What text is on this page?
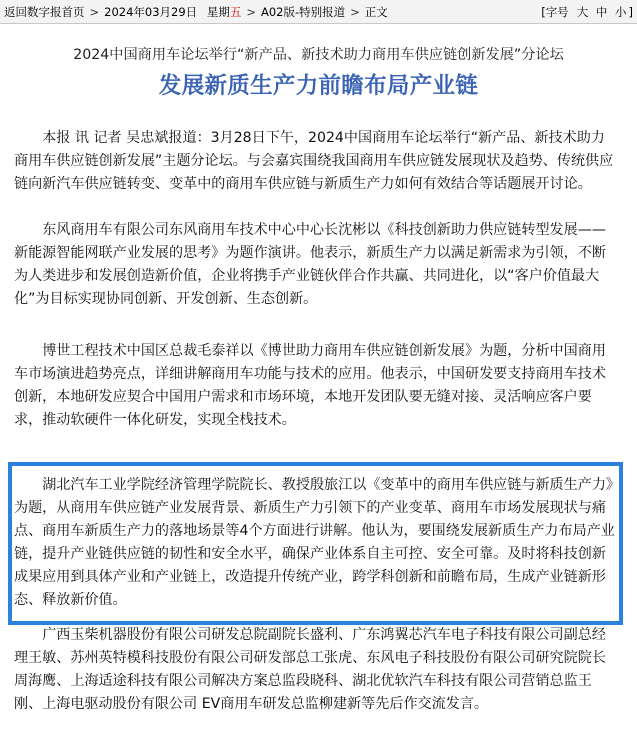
返回数字报首页 > 2024年03月29日 星期五 > A02版-特别报道 > 正文	[字号 大 中 小 ]
2024中国商用车论坛举行“新产品、新技术助力商用车供应链创新发展”分论坛
发展新质生产力前瞻布局产业链

本报 讯 记者 吴忠斌报道：3月28日下午，2024中国商用车论坛举行“新产品、新技术助力商用车供应链创新发展”主题分论坛。与会嘉宾围绕我国商用车供应链发展现状及趋势、传统供应链向新汽车供应链转变、变革中的商用车供应链与新质生产力如何有效结合等话题展开讨论。

东风商用车有限公司东风商用车技术中心中心长沈彬以《科技创新助力供应链转型发展——新能源智能网联产业发展的思考》为题作演讲。他表示，新质生产力以满足新需求为引领，不断为人类进步和发展创造新价值，企业将携手产业链伙伴合作共赢、共同进化，以“客户价值最大化”为目标实现协同创新、开发创新、生态创新。

博世工程技术中国区总裁毛泰祥以《博世助力商用车供应链创新发展》为题，分析中国商用车市场演进趋势亮点，详细讲解商用车功能与技术的应用。他表示，中国研发要支持商用车技术创新，本地研发应契合中国用户需求和市场环境，本地开发团队要无缝对接、灵活响应客户要求，推动软硬件一体化研发，实现全栈技术。

湖北汽车工业学院经济管理学院院长、教授殷旅江以《变革中的商用车供应链与新质生产力》为题，从商用车供应链产业发展背景、新质生产力引领下的产业变革、商用车市场发展现状与痛点、商用车新质生产力的落地场景等4个方面进行讲解。他认为，要围绕发展新质生产力布局产业链，提升产业链供应链的韧性和安全水平，确保产业体系自主可控、安全可靠。及时将科技创新成果应用到具体产业和产业链上，改造提升传统产业，跨学科创新和前瞻布局，生成产业链新形态、释放新价值。

广西玉柴机器股份有限公司研发总院副院长盛利、广东鸿翼芯汽车电子科技有限公司副总经理王敏、苏州英特模科技股份有限公司研发部总工张虎、东风电子科技股份有限公司研究院院长周海鹰、上海适途科技有限公司解决方案总监段晓科、湖北优软汽车科技有限公司营销总监王刚、上海电驱动股份有限公司 EV商用车研发总监柳建新等先后作交流发言。
